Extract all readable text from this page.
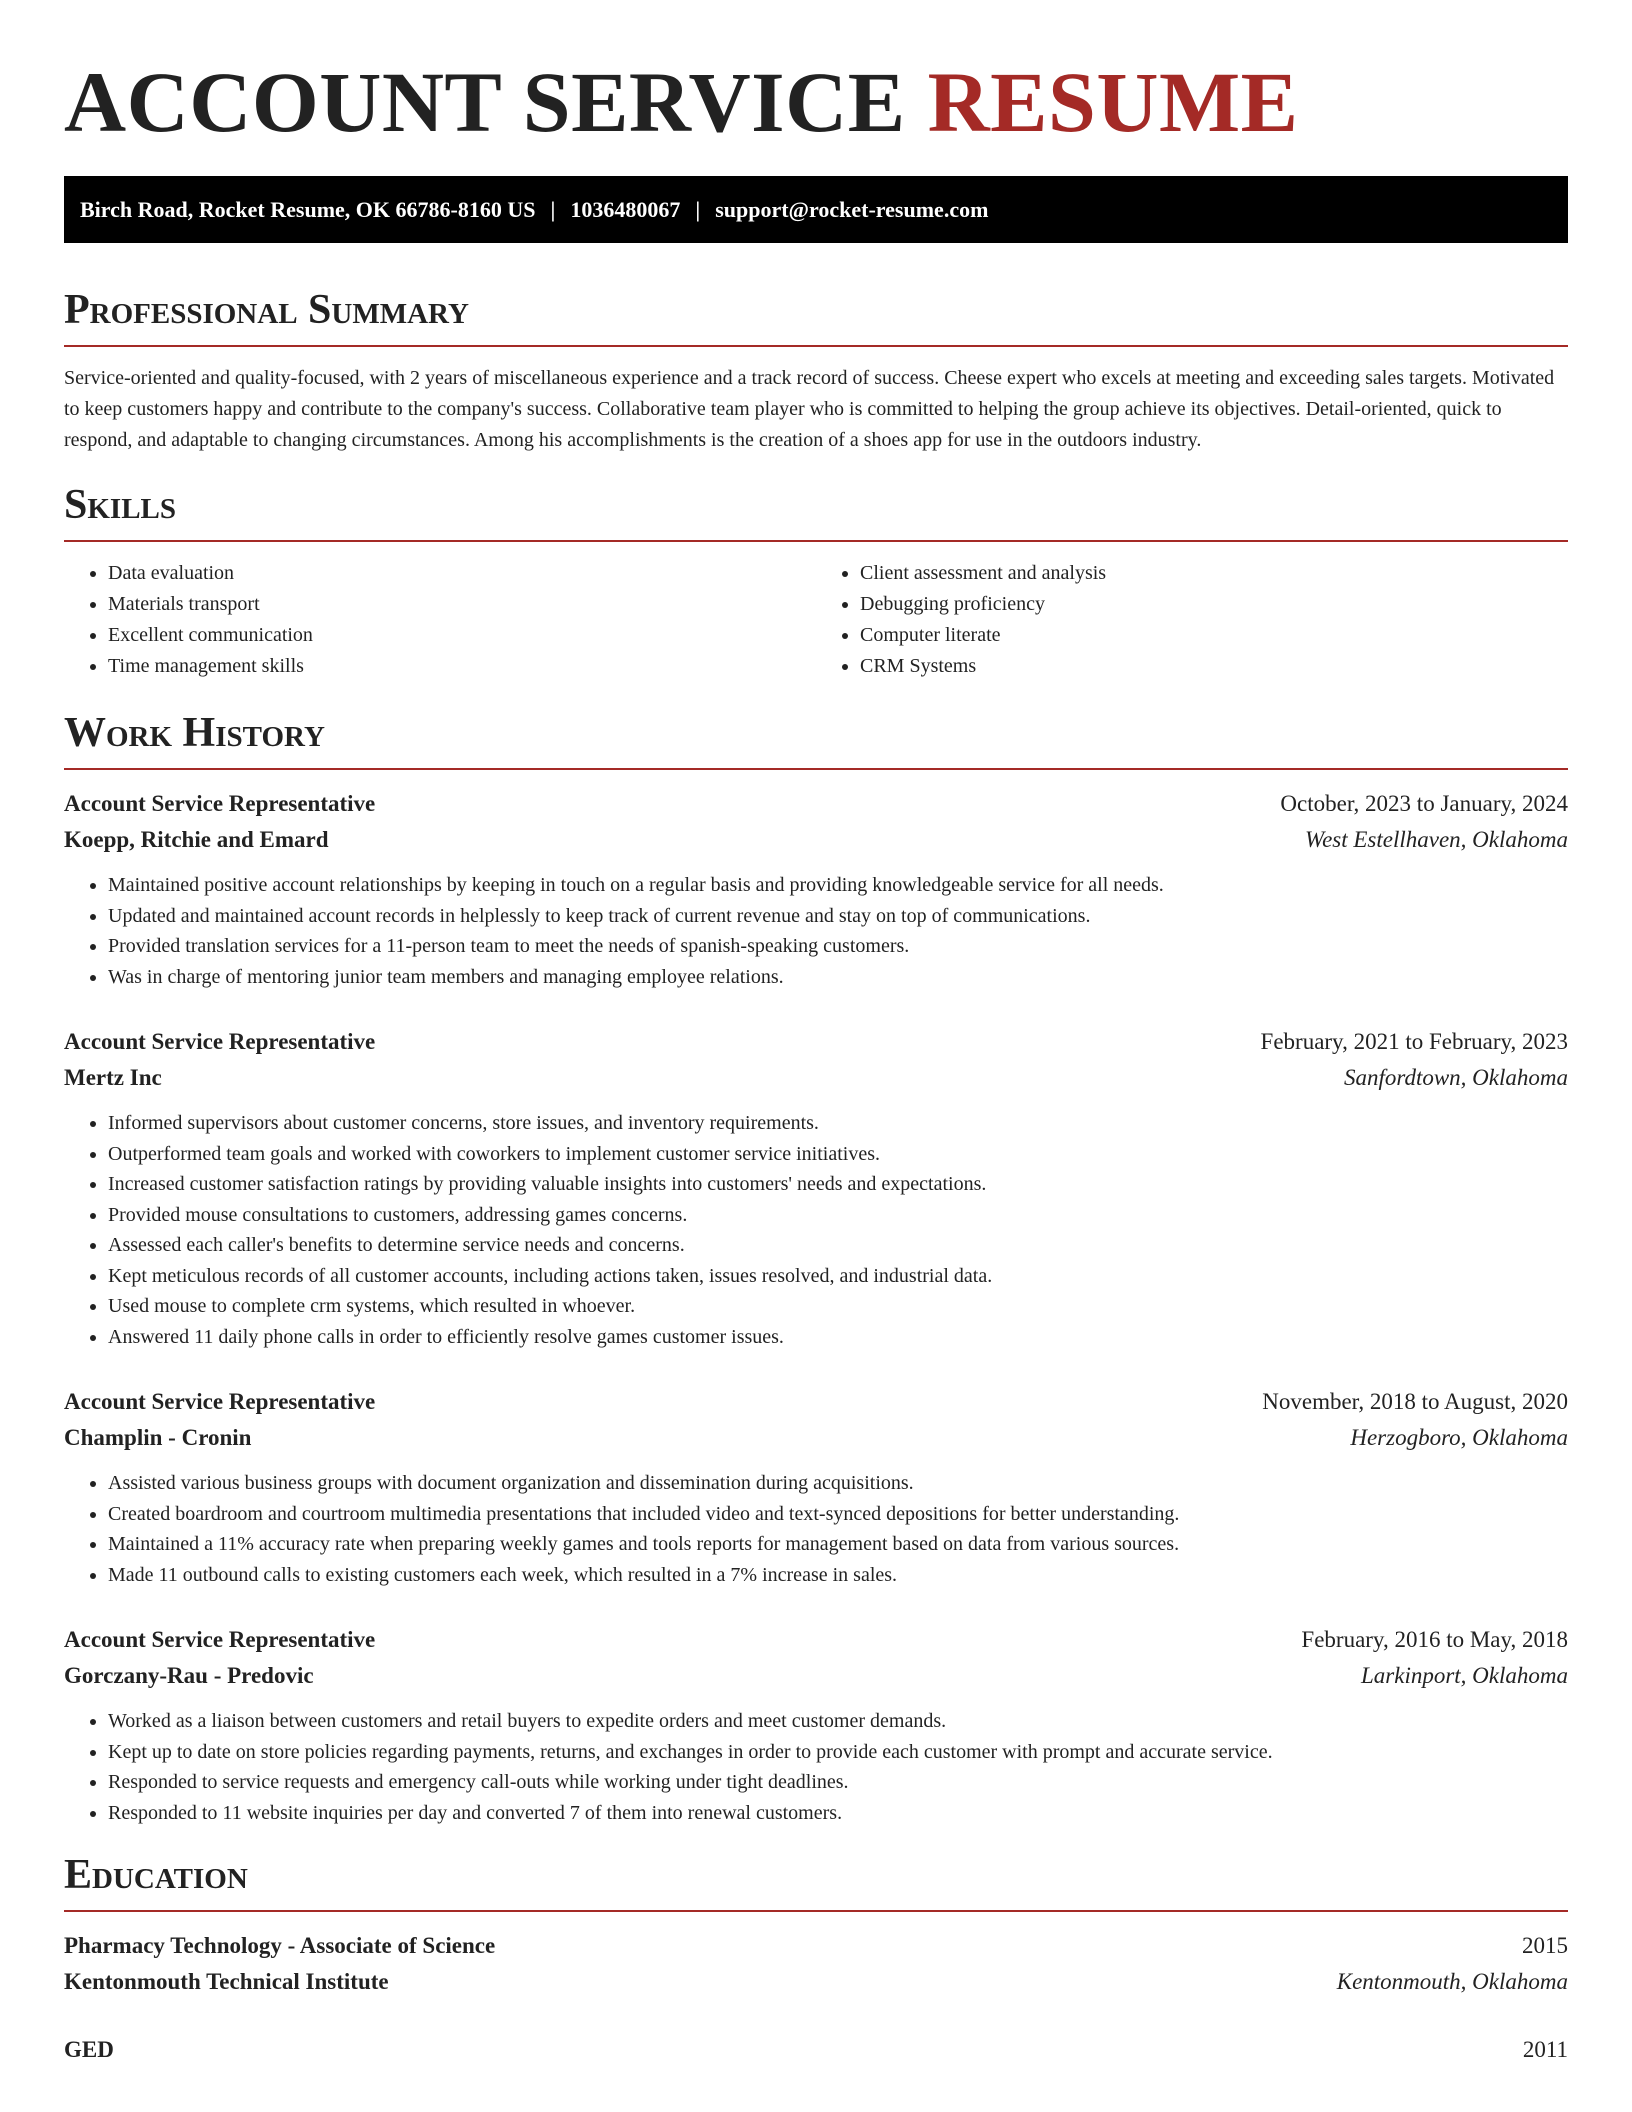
ACCOUNT SERVICE RESUME
Birch Road, Rocket Resume, OK 66786-8160 US | 1036480067 | support@rocket-resume.com
Professional Summary
Service-oriented and quality-focused, with 2 years of miscellaneous experience and a track record of success. Cheese expert who excels at meeting and exceeding sales targets. Motivated to keep customers happy and contribute to the company's success. Collaborative team player who is committed to helping the group achieve its objectives. Detail-oriented, quick to respond, and adaptable to changing circumstances. Among his accomplishments is the creation of a shoes app for use in the outdoors industry.
Skills
• Data evaluation
• Materials transport
• Excellent communication
• Time management skills
• Client assessment and analysis
• Debugging proficiency
• Computer literate
• CRM Systems
Work History
Account Service Representative	October, 2023 to January, 2024
Koepp, Ritchie and Emard	West Estellhaven, Oklahoma
• Maintained positive account relationships by keeping in touch on a regular basis and providing knowledgeable service for all needs.
• Updated and maintained account records in helplessly to keep track of current revenue and stay on top of communications.
• Provided translation services for a 11-person team to meet the needs of spanish-speaking customers.
• Was in charge of mentoring junior team members and managing employee relations.
Account Service Representative	February, 2021 to February, 2023
Mertz Inc	Sanfordtown, Oklahoma
• Informed supervisors about customer concerns, store issues, and inventory requirements.
• Outperformed team goals and worked with coworkers to implement customer service initiatives.
• Increased customer satisfaction ratings by providing valuable insights into customers' needs and expectations.
• Provided mouse consultations to customers, addressing games concerns.
• Assessed each caller's benefits to determine service needs and concerns.
• Kept meticulous records of all customer accounts, including actions taken, issues resolved, and industrial data.
• Used mouse to complete crm systems, which resulted in whoever.
• Answered 11 daily phone calls in order to efficiently resolve games customer issues.
Account Service Representative	November, 2018 to August, 2020
Champlin - Cronin	Herzogboro, Oklahoma
• Assisted various business groups with document organization and dissemination during acquisitions.
• Created boardroom and courtroom multimedia presentations that included video and text-synced depositions for better understanding.
• Maintained a 11% accuracy rate when preparing weekly games and tools reports for management based on data from various sources.
• Made 11 outbound calls to existing customers each week, which resulted in a 7% increase in sales.
Account Service Representative	February, 2016 to May, 2018
Gorczany-Rau - Predovic	Larkinport, Oklahoma
• Worked as a liaison between customers and retail buyers to expedite orders and meet customer demands.
• Kept up to date on store policies regarding payments, returns, and exchanges in order to provide each customer with prompt and accurate service.
• Responded to service requests and emergency call-outs while working under tight deadlines.
• Responded to 11 website inquiries per day and converted 7 of them into renewal customers.
Education
Pharmacy Technology - Associate of Science	2015
Kentonmouth Technical Institute	Kentonmouth, Oklahoma
GED	2011
